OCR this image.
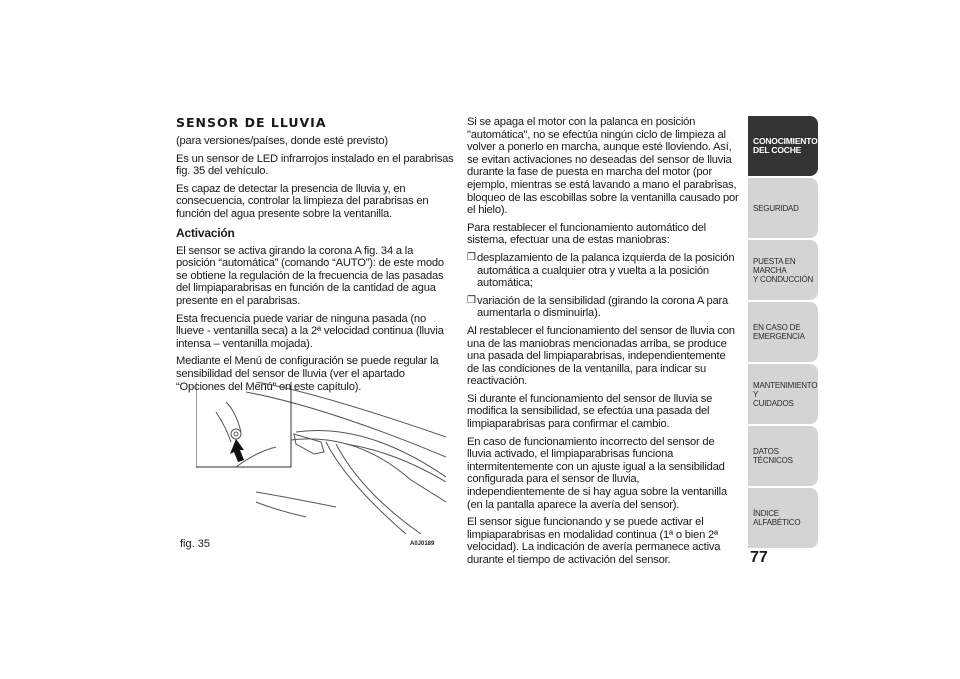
SENSOR DE LLUVIA

(para versiones/países, donde esté previsto)

Es un sensor de LED infrarrojos instalado en el parabrisas fig. 35 del vehículo.

Es capaz de detectar la presencia de lluvia y, en consecuencia, controlar la limpieza del parabrisas en función del agua presente sobre la ventanilla.

Activación

El sensor se activa girando la corona A fig. 34 a la posición “automática” (comando “AUTO”): de este modo se obtiene la regulación de la frecuencia de las pasadas del limpiaparabrisas en función de la cantidad de agua presente en el parabrisas.

Esta frecuencia puede variar de ninguna pasada (no llueve - ventanilla seca) a la 2ª velocidad continua (lluvia intensa – ventanilla mojada).

Mediante el Menú de configuración se puede regular la sensibilidad del sensor de lluvia (ver el apartado “Opciones del Menú” en este capítulo).

fig. 35	A0J0189

Si se apaga el motor con la palanca en posición "automática", no se efectúa ningún ciclo de limpieza al volver a ponerlo en marcha, aunque esté lloviendo. Así, se evitan activaciones no deseadas del sensor de lluvia durante la fase de puesta en marcha del motor (por ejemplo, mientras se está lavando a mano el parabrisas, bloqueo de las escobillas sobre la ventanilla causado por el hielo).

Para restablecer el funcionamiento automático del sistema, efectuar una de estas maniobras:

❒ desplazamiento de la palanca izquierda de la posición automática a cualquier otra y vuelta a la posición automática;
❒ variación de la sensibilidad (girando la corona A para aumentarla o disminuirla).

Al restablecer el funcionamiento del sensor de lluvia con una de las maniobras mencionadas arriba, se produce una pasada del limpiaparabrisas, independientemente de las condiciones de la ventanilla, para indicar su reactivación.

Si durante el funcionamiento del sensor de lluvia se modifica la sensibilidad, se efectúa una pasada del limpiaparabrisas para confirmar el cambio.

En caso de funcionamiento incorrecto del sensor de lluvia activado, el limpiaparabrisas funciona intermitentemente con un ajuste igual a la sensibilidad configurada para el sensor de lluvia, independientemente de si hay agua sobre la ventanilla (en la pantalla aparece la avería del sensor).

El sensor sigue funcionando y se puede activar el limpiaparabrisas en modalidad continua (1ª o bien 2ª velocidad). La indicación de avería permanece activa durante el tiempo de activación del sensor.

CONOCIMIENTO
DEL COCHE
SEGURIDAD
PUESTA EN MARCHA
Y CONDUCCIÓN
EN CASO DE
EMERGENCIA
MANTENIMIENTO Y
CUIDADOS
DATOS TÉCNICOS
ÍNDICE ALFABÉTICO
77
